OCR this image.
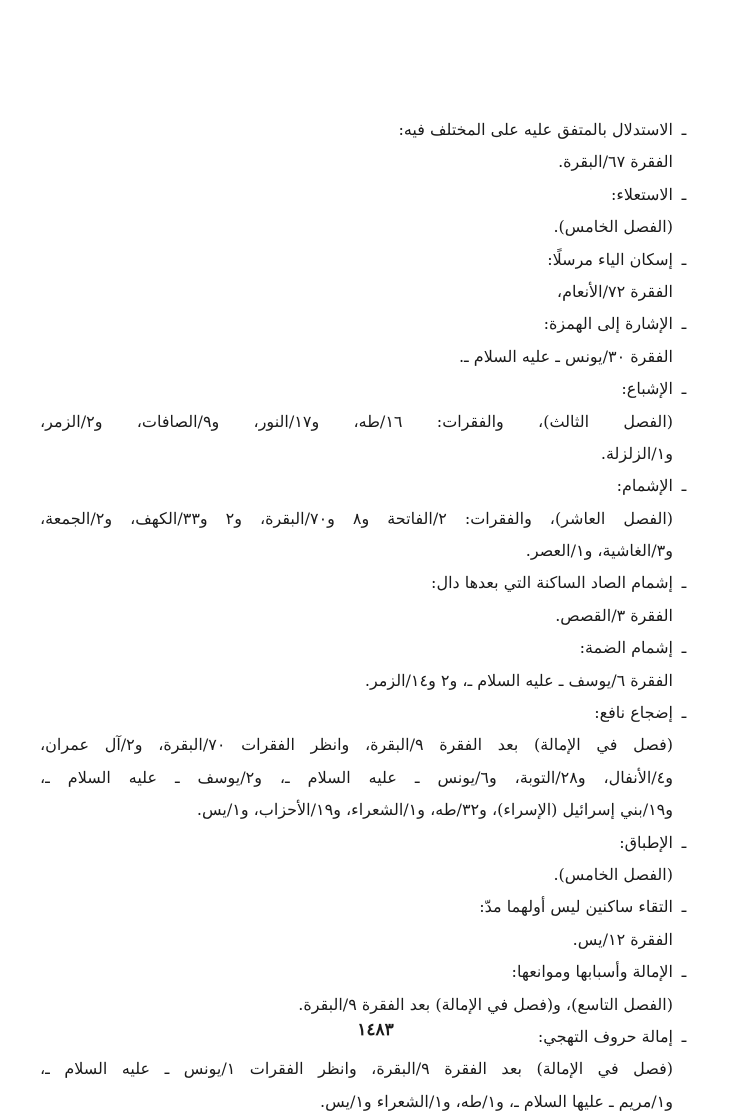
ـ
الاستدلال بالمتفق عليه على المختلف فيه:
الفقرة ٦٧/البقرة.
ـ
الاستعلاء:
(الفصل الخامس).
ـ
إسكان الياء مرسلًا:
الفقرة ٧٢/الأنعام،
ـ
الإشارة إلى الهمزة:
الفقرة ٣٠/يونس ـ عليه السلام ـ.
ـ
الإشباع:
(الفصل الثالث)، والفقرات: ١٦/طه، و١٧/النور، و٩/الصافات، و٢/الزمر،
و١/الزلزلة.
ـ
الإشمام:
(الفصل العاشر)، والفقرات: ٢/الفاتحة و٨ و٧٠/البقرة، و٢ و٣٣/الكهف، و٢/الجمعة،
و٣/الغاشية، و١/العصر.
ـ
إشمام الصاد الساكنة التي بعدها دال:
الفقرة ٣/القصص.
ـ
إشمام الضمة:
الفقرة ٦/يوسف ـ عليه السلام ـ، و٢ و١٤/الزمر.
ـ
إضجاع نافع:
(فصل في الإمالة) بعد الفقرة ٩/البقرة، وانظر الفقرات ٧٠/البقرة، و٢/آل عمران،
و٤/الأنفال، و٢٨/التوبة، و٦/يونس ـ عليه السلام ـ، و٢/يوسف ـ عليه السلام ـ،
و١٩/بني إسرائيل (الإسراء)، و٣٢/طه، و١/الشعراء، و١٩/الأحزاب، و١/يس.
ـ
الإطباق:
(الفصل الخامس).
ـ
التقاء ساكنين ليس أولهما مدّ:
الفقرة ١٢/يس.
ـ
الإمالة وأسبابها وموانعها:
(الفصل التاسع)، و(فصل في الإمالة) بعد الفقرة ٩/البقرة.
ـ
إمالة حروف التهجي:
(فصل في الإمالة) بعد الفقرة ٩/البقرة، وانظر الفقرات ١/يونس ـ عليه السلام ـ،
و١/مريم ـ عليها السلام ـ، و١/طه، و١/الشعراء و١/يس.
١٤٨٣
